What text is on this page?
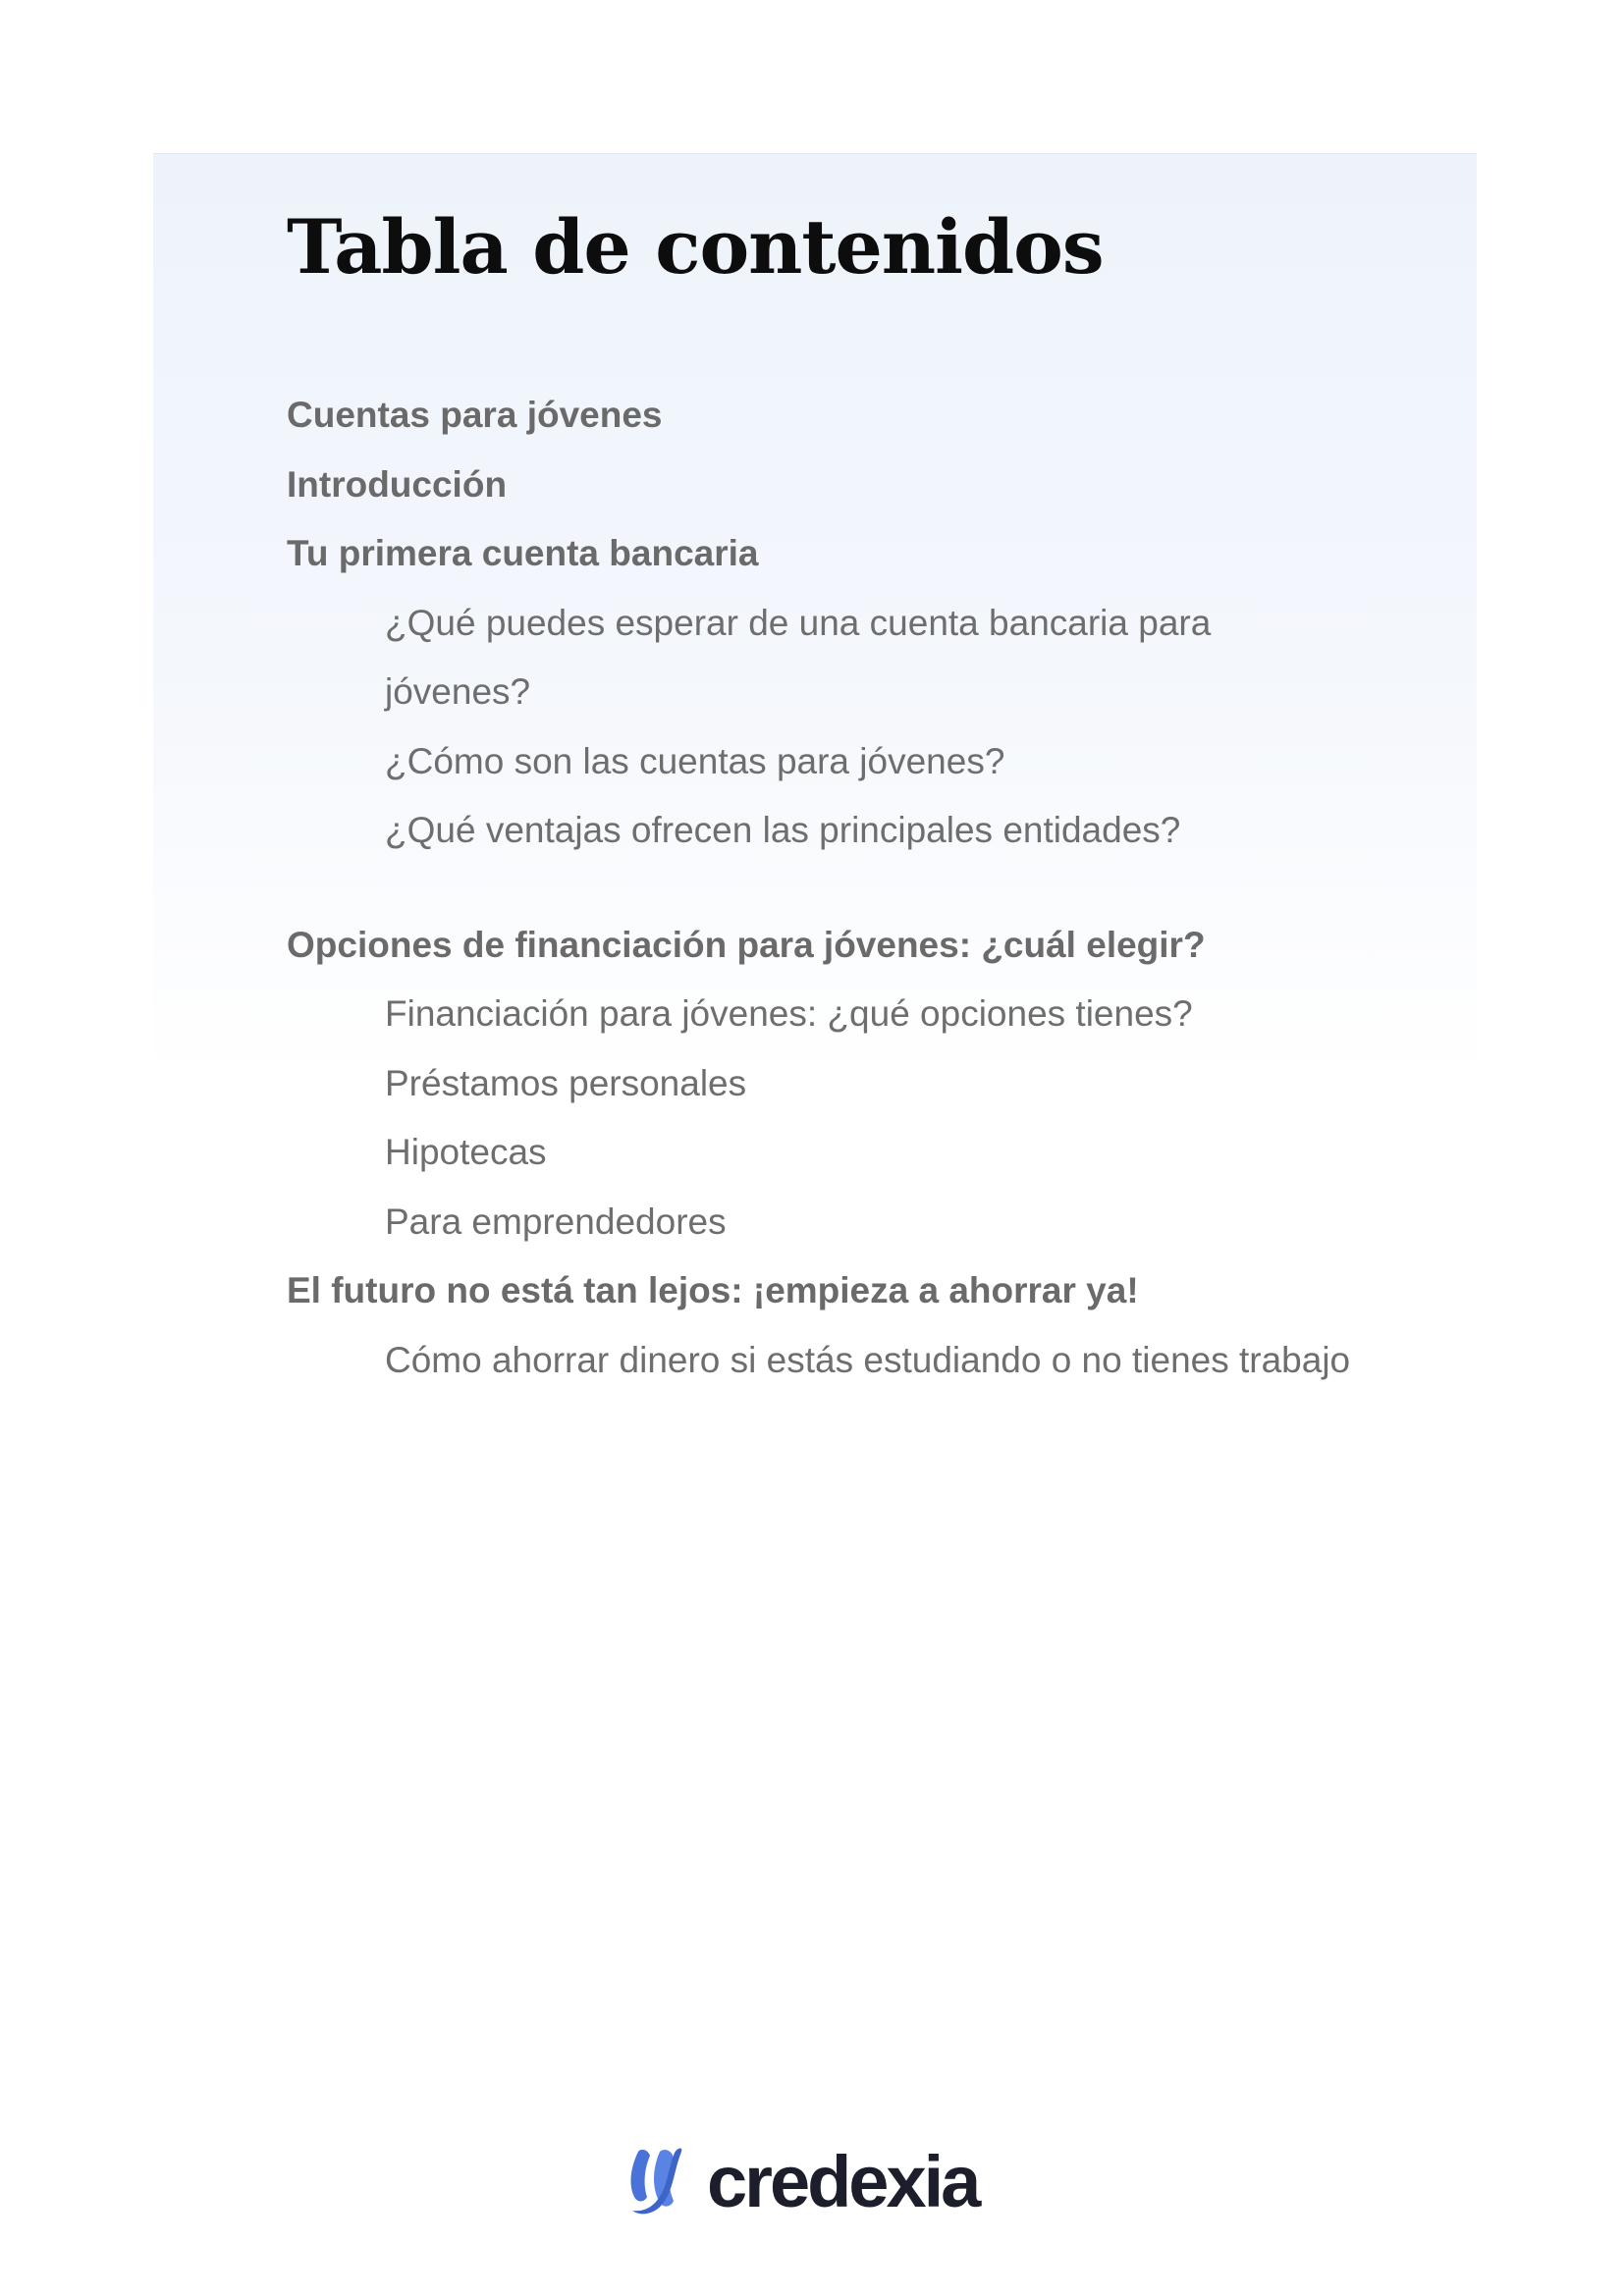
Tabla de contenidos
Cuentas para jóvenes
Introducción
Tu primera cuenta bancaria
¿Qué puedes esperar de una cuenta bancaria para
jóvenes?
¿Cómo son las cuentas para jóvenes?
¿Qué ventajas ofrecen las principales entidades?
Opciones de financiación para jóvenes: ¿cuál elegir?
Financiación para jóvenes: ¿qué opciones tienes?
Préstamos personales
Hipotecas
Para emprendedores
El futuro no está tan lejos: ¡empieza a ahorrar ya!
Cómo ahorrar dinero si estás estudiando o no tienes trabajo
credexia
